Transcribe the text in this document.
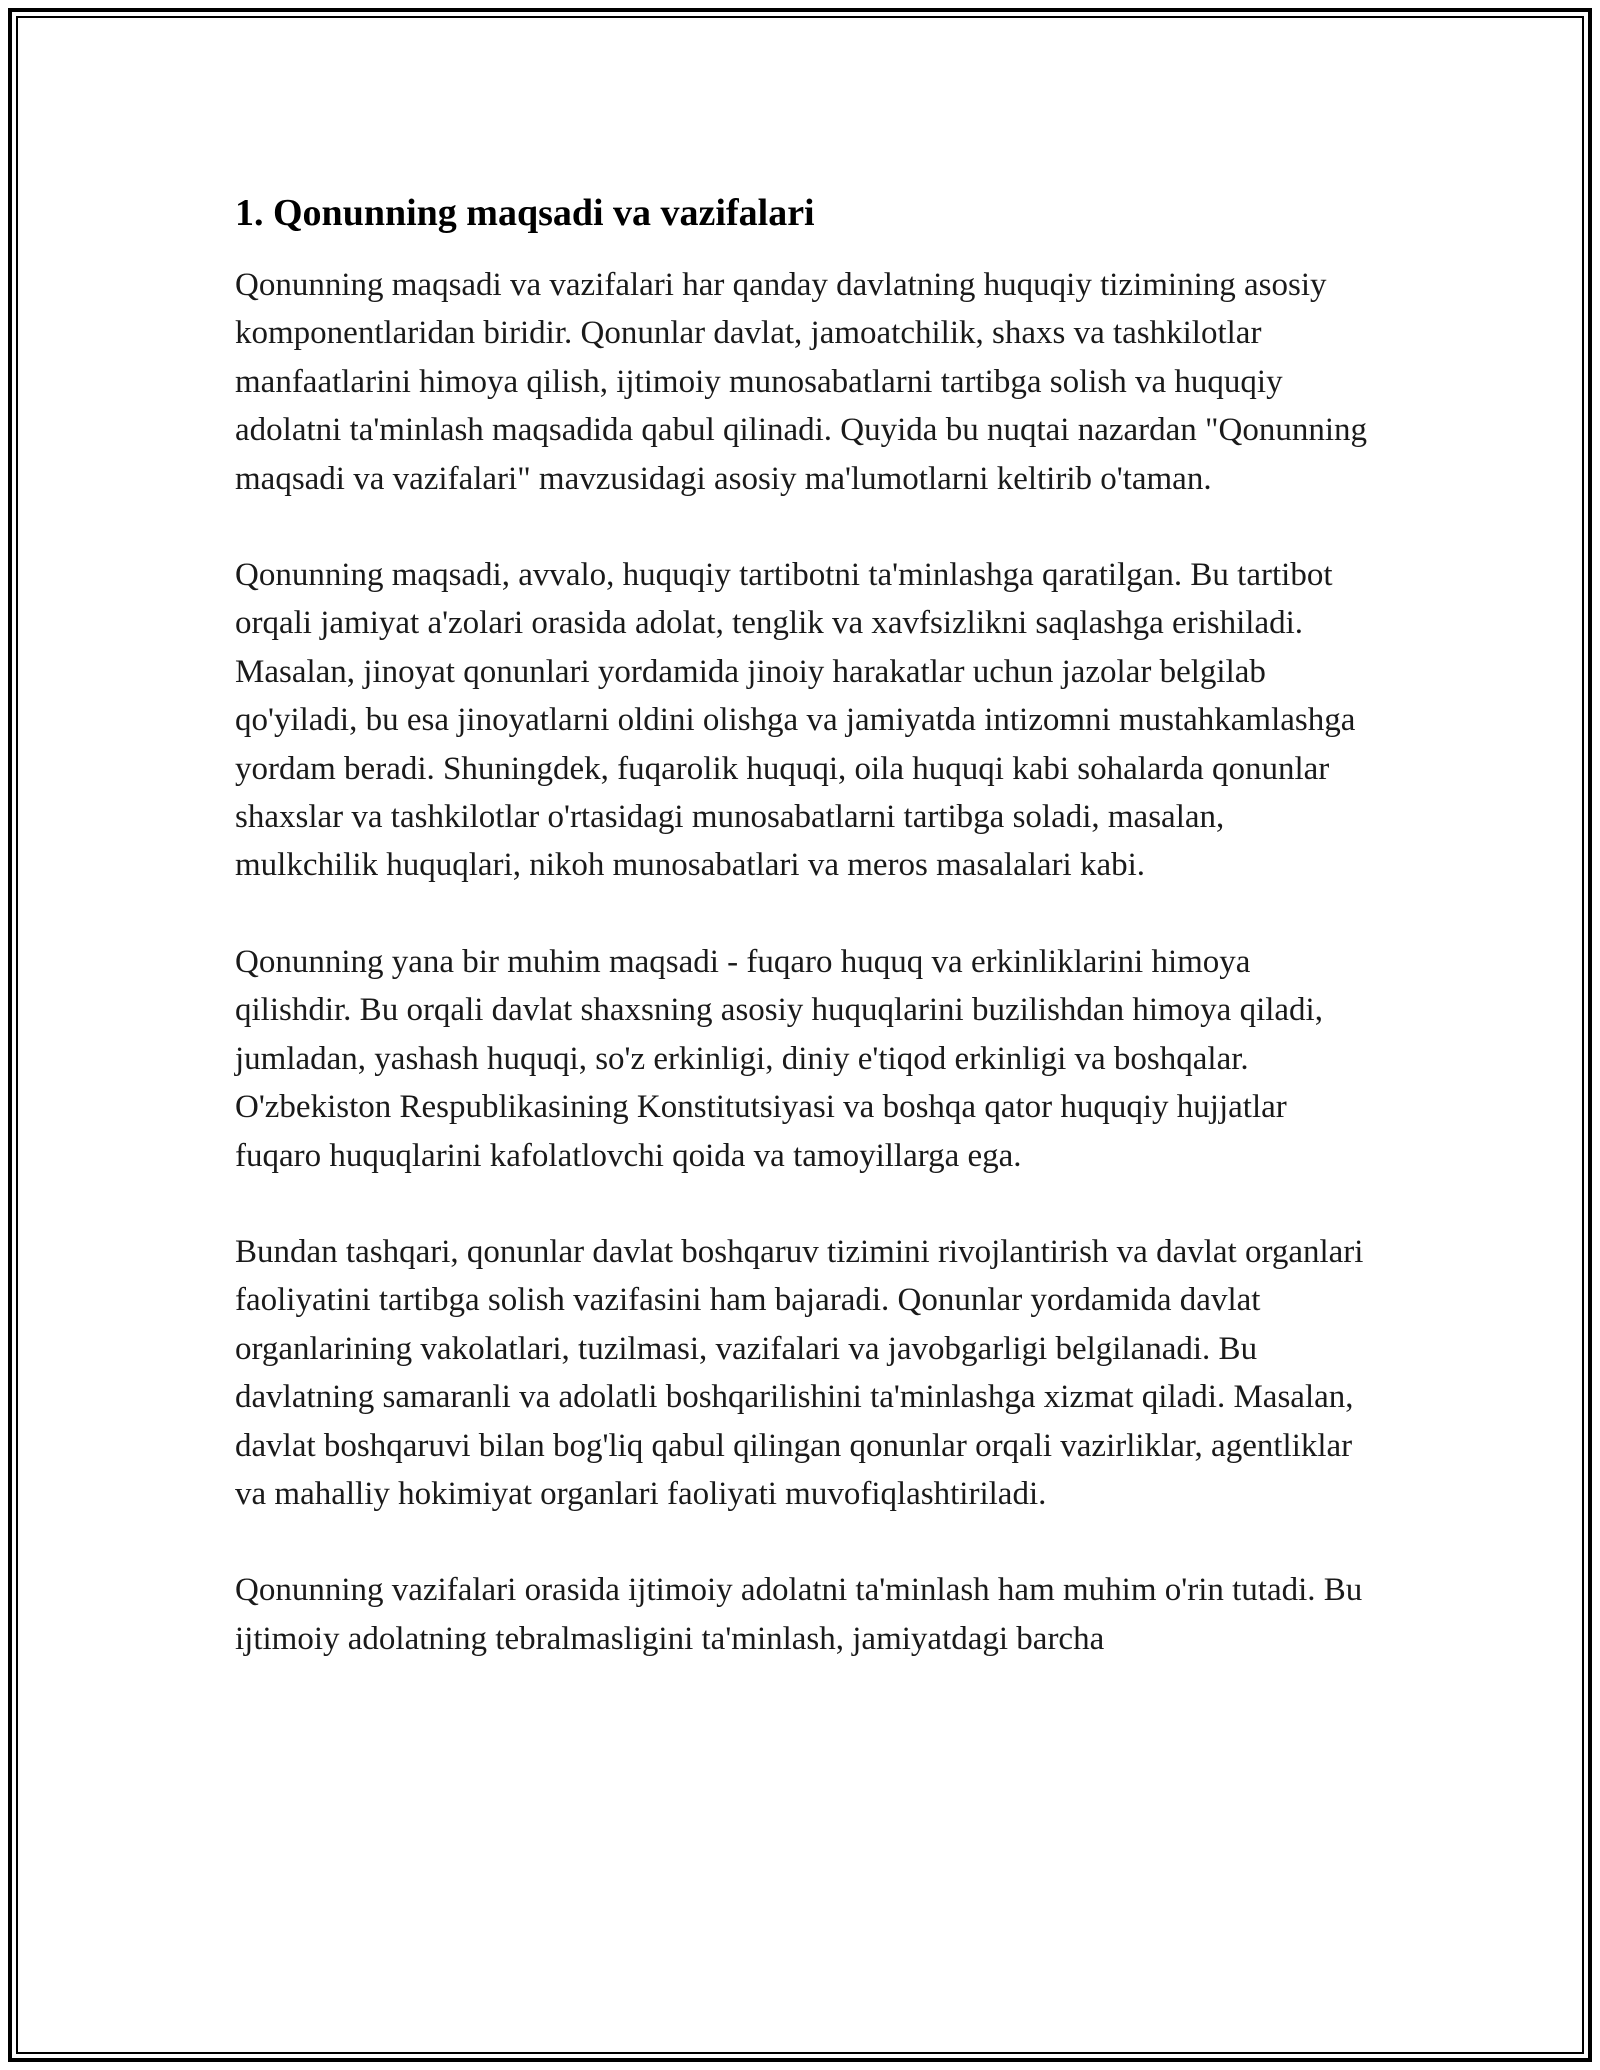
1. Qonunning maqsadi va vazifalari

Qonunning maqsadi va vazifalari har qanday davlatning huquqiy tizimining asosiy komponentlaridan biridir. Qonunlar davlat, jamoatchilik, shaxs va tashkilotlar manfaatlarini himoya qilish, ijtimoiy munosabatlarni tartibga solish va huquqiy adolatni ta'minlash maqsadida qabul qilinadi. Quyida bu nuqtai nazardan "Qonunning maqsadi va vazifalari" mavzusidagi asosiy ma'lumotlarni keltirib o'taman.

Qonunning maqsadi, avvalo, huquqiy tartibotni ta'minlashga qaratilgan. Bu tartibot orqali jamiyat a'zolari orasida adolat, tenglik va xavfsizlikni saqlashga erishiladi. Masalan, jinoyat qonunlari yordamida jinoiy harakatlar uchun jazolar belgilab qo'yiladi, bu esa jinoyatlarni oldini olishga va jamiyatda intizomni mustahkamlashga yordam beradi. Shuningdek, fuqarolik huquqi, oila huquqi kabi sohalarda qonunlar shaxslar va tashkilotlar o'rtasidagi munosabatlarni tartibga soladi, masalan, mulkchilik huquqlari, nikoh munosabatlari va meros masalalari kabi.

Qonunning yana bir muhim maqsadi - fuqaro huquq va erkinliklarini himoya qilishdir. Bu orqali davlat shaxsning asosiy huquqlarini buzilishdan himoya qiladi, jumladan, yashash huquqi, so'z erkinligi, diniy e'tiqod erkinligi va boshqalar. O'zbekiston Respublikasining Konstitutsiyasi va boshqa qator huquqiy hujjatlar fuqaro huquqlarini kafolatlovchi qoida va tamoyillarga ega.

Bundan tashqari, qonunlar davlat boshqaruv tizimini rivojlantirish va davlat organlari faoliyatini tartibga solish vazifasini ham bajaradi. Qonunlar yordamida davlat organlarining vakolatlari, tuzilmasi, vazifalari va javobgarligi belgilanadi. Bu davlatning samaranli va adolatli boshqarilishini ta'minlashga xizmat qiladi. Masalan, davlat boshqaruvi bilan bog'liq qabul qilingan qonunlar orqali vazirliklar, agentliklar va mahalliy hokimiyat organlari faoliyati muvofiqlashtiriladi.

Qonunning vazifalari orasida ijtimoiy adolatni ta'minlash ham muhim o'rin tutadi. Bu ijtimoiy adolatning tebralmasligini ta'minlash, jamiyatdagi barcha
